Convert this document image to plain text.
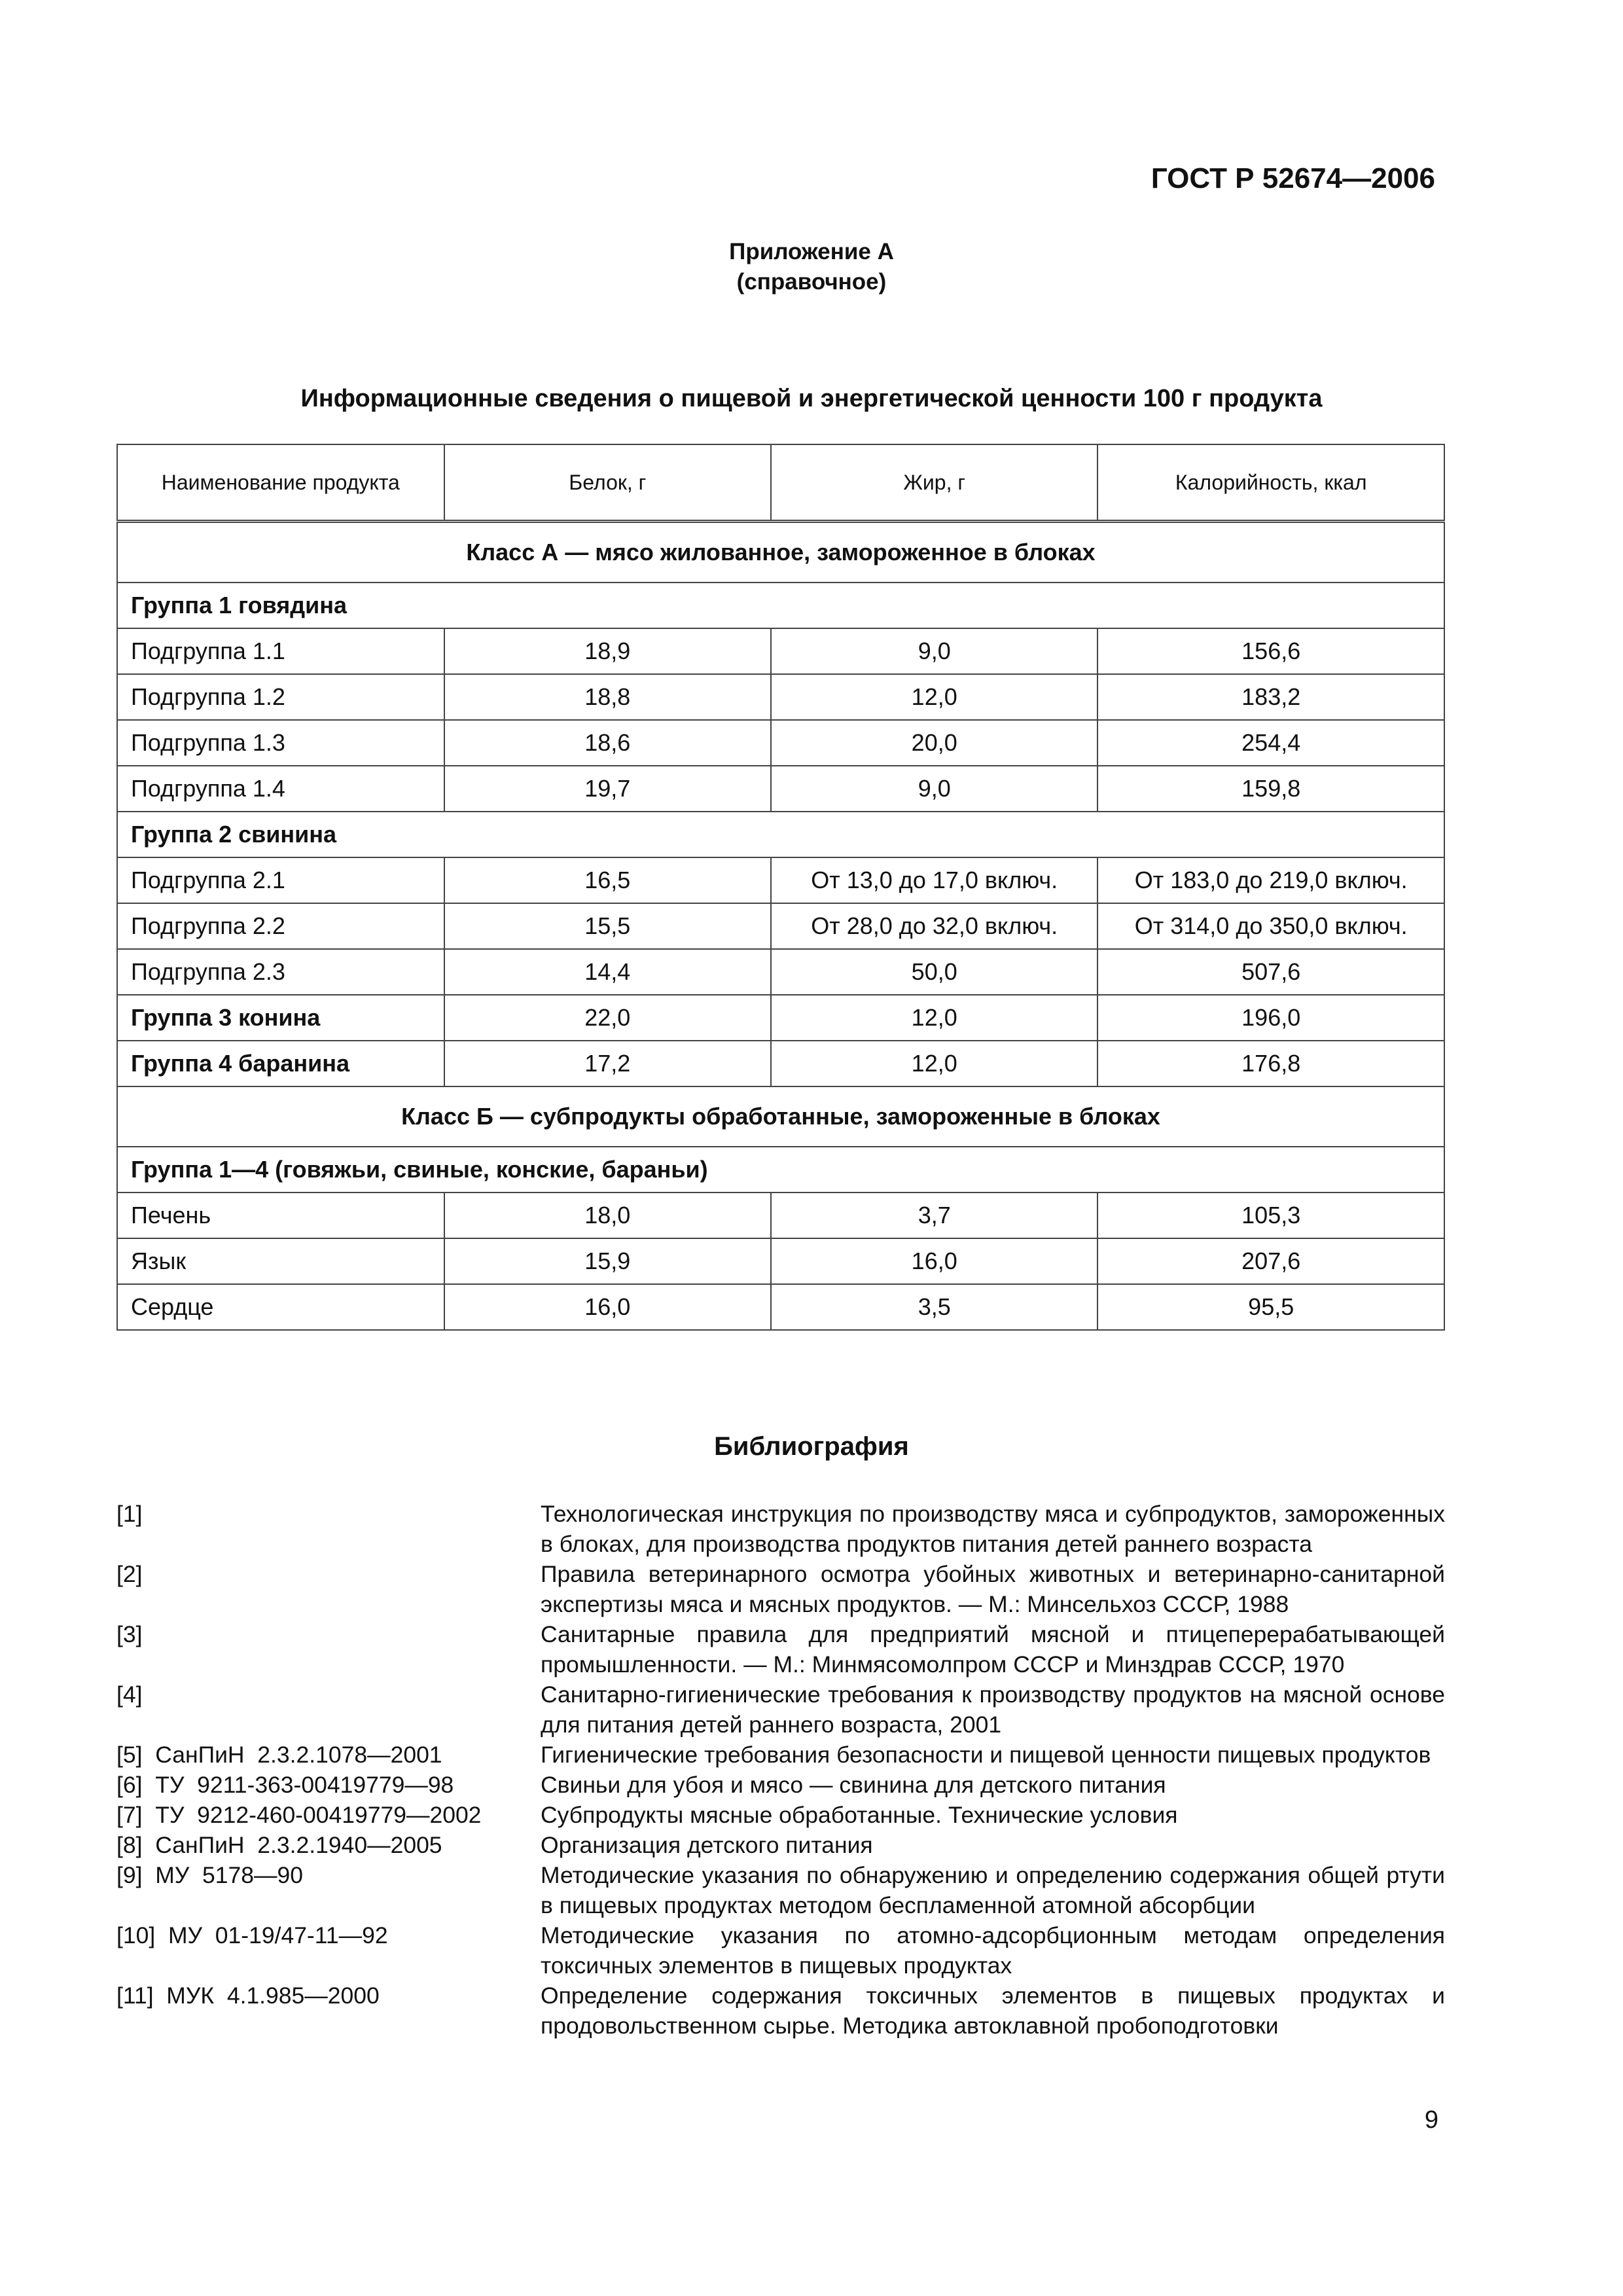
ГОСТ Р 52674—2006
Приложение А
(справочное)
Информационные сведения о пищевой и энергетической ценности 100 г продукта
Наименование продукта	Белок, г	Жир, г	Калорийность, ккал
Класс А — мясо жилованное, замороженное в блоках			
Группа 1 говядина			
Подгруппа 1.1	18,9	9,0	156,6
Подгруппа 1.2	18,8	12,0	183,2
Подгруппа 1.3	18,6	20,0	254,4
Подгруппа 1.4	19,7	9,0	159,8
Группа 2 свинина			
Подгруппа 2.1	16,5	От 13,0 до 17,0 включ.	От 183,0 до 219,0 включ.
Подгруппа 2.2	15,5	От 28,0 до 32,0 включ.	От 314,0 до 350,0 включ.
Подгруппа 2.3	14,4	50,0	507,6
Группа 3 конина	22,0	12,0	196,0
Группа 4 баранина	17,2	12,0	176,8
Класс Б — субпродукты обработанные, замороженные в блоках			
Группа 1—4 (говяжьи, свиные, конские, бараньи)			
Печень	18,0	3,7	105,3
Язык	15,9	16,0	207,6
Сердце	16,0	3,5	95,5
Библиография
[1]	Технологическая инструкция по производству мяса и субпродуктов, замороженных в блоках, для производства продуктов питания детей раннего возраста
[2]	Правила ветеринарного осмотра убойных животных и ветеринарно-санитарной экспертизы мяса и мясных продуктов. — М.: Минсельхоз СССР, 1988
[3]	Санитарные правила для предприятий мясной и птицеперерабатывающей промышленности. — М.: Минмясомолпром СССР и Минздрав СССР, 1970
[4]	Санитарно-гигиенические требования к производству продуктов на мясной основе для питания детей раннего возраста, 2001
[5]  СанПиН  2.3.2.1078—2001	Гигиенические требования безопасности и пищевой ценности пищевых продуктов
[6]  ТУ  9211-363-00419779—98	Свиньи для убоя и мясо — свинина для детского питания
[7]  ТУ  9212-460-00419779—2002	Субпродукты мясные обработанные. Технические условия
[8]  СанПиН  2.3.2.1940—2005	Организация детского питания
[9]  МУ  5178—90	Методические указания по обнаружению и определению содержания общей ртути в пищевых продуктах методом беспламенной атомной абсорбции
[10]  МУ  01-19/47-11—92	Методические указания по атомно-адсорбционным методам определения токсичных элементов в пищевых продуктах
[11]  МУК  4.1.985—2000	Определение содержания токсичных элементов в пищевых продуктах и продовольственном сырье. Методика автоклавной пробоподготовки
9
